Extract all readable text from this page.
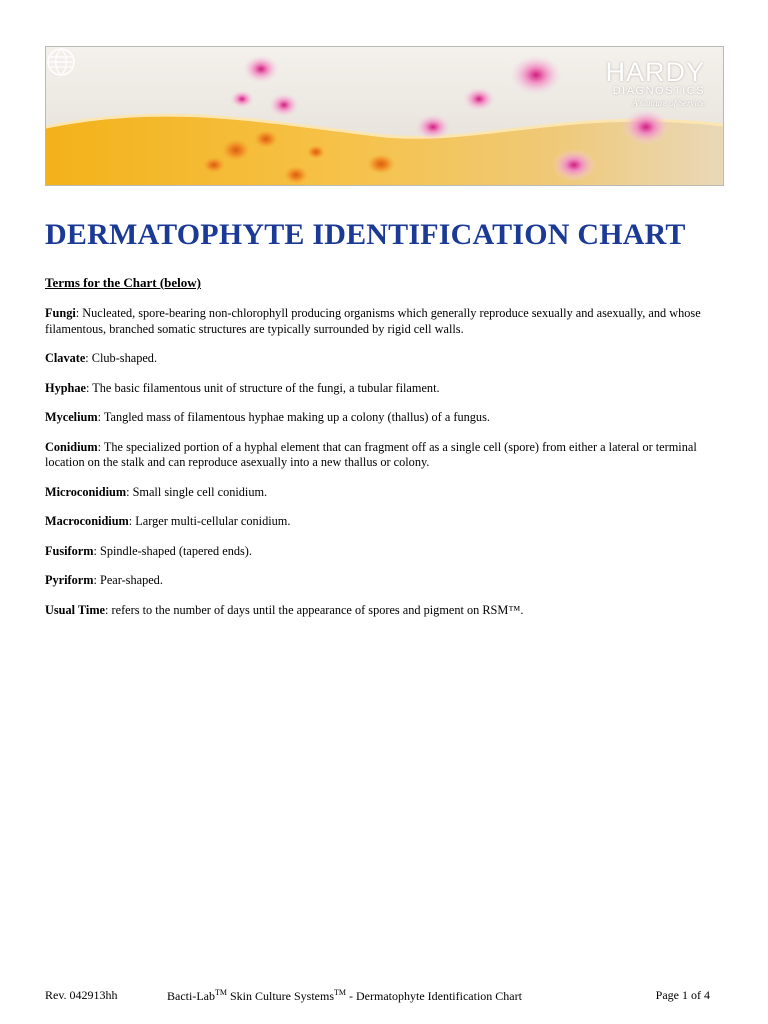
HARDY
DIAGNOSTICS
A Culture of Service
DERMATOPHYTE IDENTIFICATION CHART
Terms for the Chart (below)

Fungi: Nucleated, spore-bearing non-chlorophyll producing organisms which generally reproduce sexually and asexually, and whose filamentous, branched somatic structures are typically surrounded by rigid cell walls.

Clavate: Club-shaped.

Hyphae: The basic filamentous unit of structure of the fungi, a tubular filament.

Mycelium: Tangled mass of filamentous hyphae making up a colony (thallus) of a fungus.

Conidium: The specialized portion of a hyphal element that can fragment off as a single cell (spore) from either a lateral or terminal location on the stalk and can reproduce asexually into a new thallus or colony.

Microconidium: Small single cell conidium.

Macroconidium: Larger multi-cellular conidium.

Fusiform: Spindle-shaped (tapered ends).

Pyriform: Pear-shaped.

Usual Time: refers to the number of days until the appearance of spores and pigment on RSM™.

Rev. 042913hh	Bacti-Lab™ Skin Culture Systems™ - Dermatophyte Identification Chart	Page 1 of 4
